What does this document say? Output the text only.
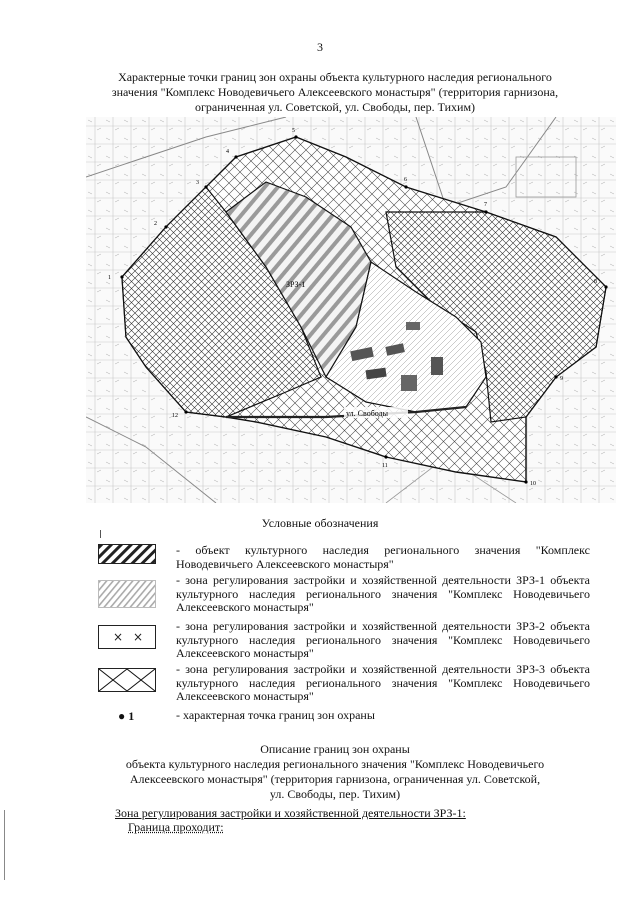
3
Характерные точки границ зон охраны объекта культурного наследия регионального
значения "Комплекс Новодевичьего Алексеевского монастыря" (территория гарнизона,
ограниченная ул. Советской, ул. Свободы, пер. Тихим)
ул. Свободы
ЗРЗ-1
1
2
3
4
5
6
7
8
9
10
11
12
Условные обозначения
- объект культурного наследия регионального значения "Комплекс Новодевичьего Алексеевского монастыря"
- зона регулирования застройки и хозяйственной деятельности ЗРЗ-1 объекта культурного наследия регионального значения "Комплекс Новодевичьего Алексеевского монастыря"
× ×
- зона регулирования застройки и хозяйственной деятельности ЗРЗ-2 объекта культурного наследия регионального значения "Комплекс Новодевичьего Алексеевского монастыря"
- зона регулирования застройки и хозяйственной деятельности ЗРЗ-3 объекта культурного наследия регионального значения "Комплекс Новодевичьего Алексеевского монастыря"
● 1	- характерная точка границ зон охраны
Описание границ зон охраны
объекта культурного наследия регионального значения "Комплекс Новодевичьего
Алексеевского монастыря" (территория гарнизона, ограниченная ул. Советской,
ул. Свободы, пер. Тихим)
Зона регулирования застройки и хозяйственной деятельности ЗРЗ-1:
Граница проходит:
